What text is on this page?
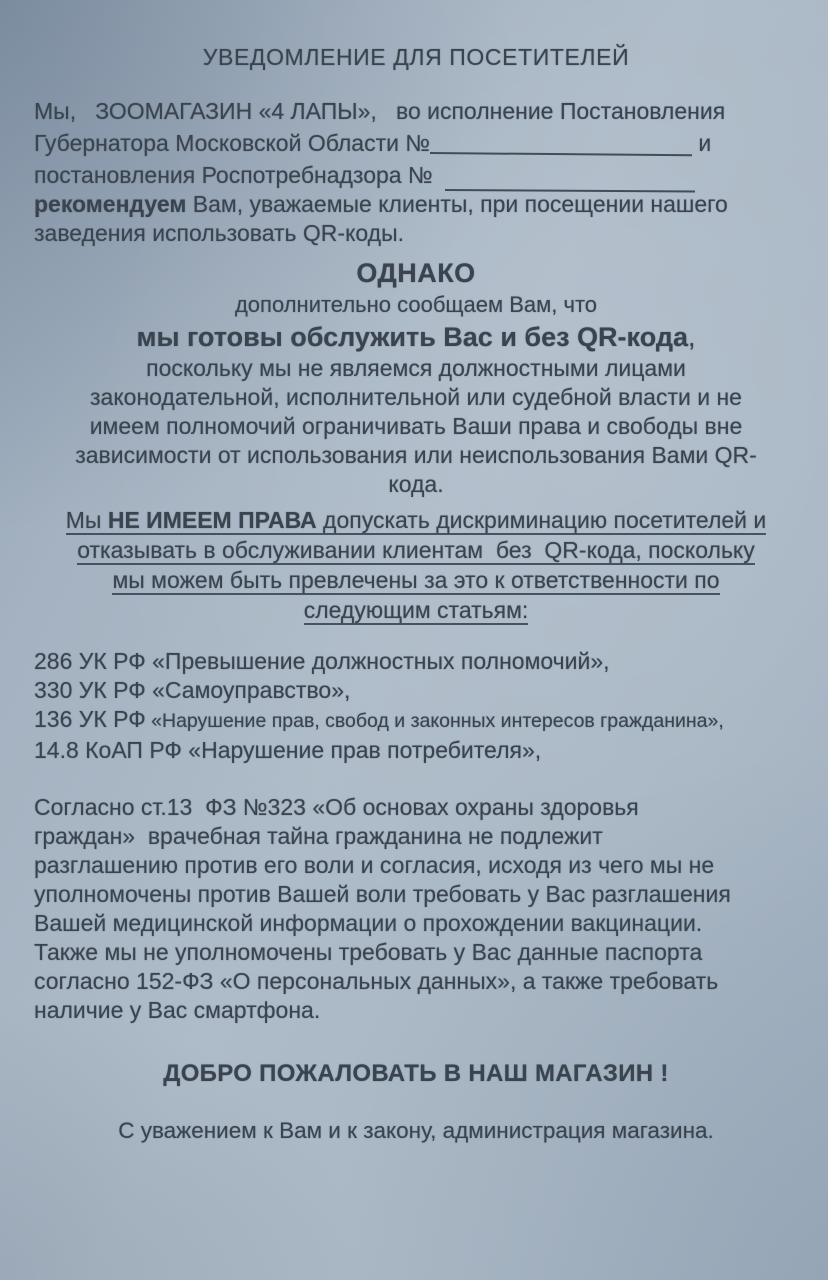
УВЕДОМЛЕНИЕ ДЛЯ ПОСЕТИТЕЛЕЙ
Мы,   ЗООМАГАЗИН «4 ЛАПЫ»,   во исполнение Постановления
Губернатора Московской Области №	и
постановления Роспотребнадзора №
рекомендуем Вам, уважаемые клиенты, при посещении нашего
заведения использовать QR-коды.
ОДНАКО
дополнительно сообщаем Вам, что
мы готовы обслужить Вас и без QR-кода,
поскольку мы не являемся должностными лицами
законодательной, исполнительной или судебной власти и не
имеем полномочий ограничивать Ваши права и свободы вне
зависимости от использования или неиспользования Вами QR-
кода.
Мы НЕ ИМЕЕМ ПРАВА допускать дискриминацию посетителей и
отказывать в обслуживании клиентам  без  QR-кода, поскольку
мы можем быть превлечены за это к ответственности по
следующим статьям:
286 УК РФ «Превышение должностных полномочий»,
330 УК РФ «Самоуправство»,
136 УК РФ «Нарушение прав, свобод и законных интересов гражданина»,
14.8 КоАП РФ «Нарушение прав потребителя»,
Согласно ст.13  ФЗ №323 «Об основах охраны здоровья
граждан»  врачебная тайна гражданина не подлежит
разглашению против его воли и согласия, исходя из чего мы не
уполномочены против Вашей воли требовать у Вас разглашения
Вашей медицинской информации о прохождении вакцинации.
Также мы не уполномочены требовать у Вас данные паспорта
согласно 152-ФЗ «О персональных данных», а также требовать
наличие у Вас смартфона.
ДОБРО ПОЖАЛОВАТЬ В НАШ МАГАЗИН !
С уважением к Вам и к закону, администрация магазина.
